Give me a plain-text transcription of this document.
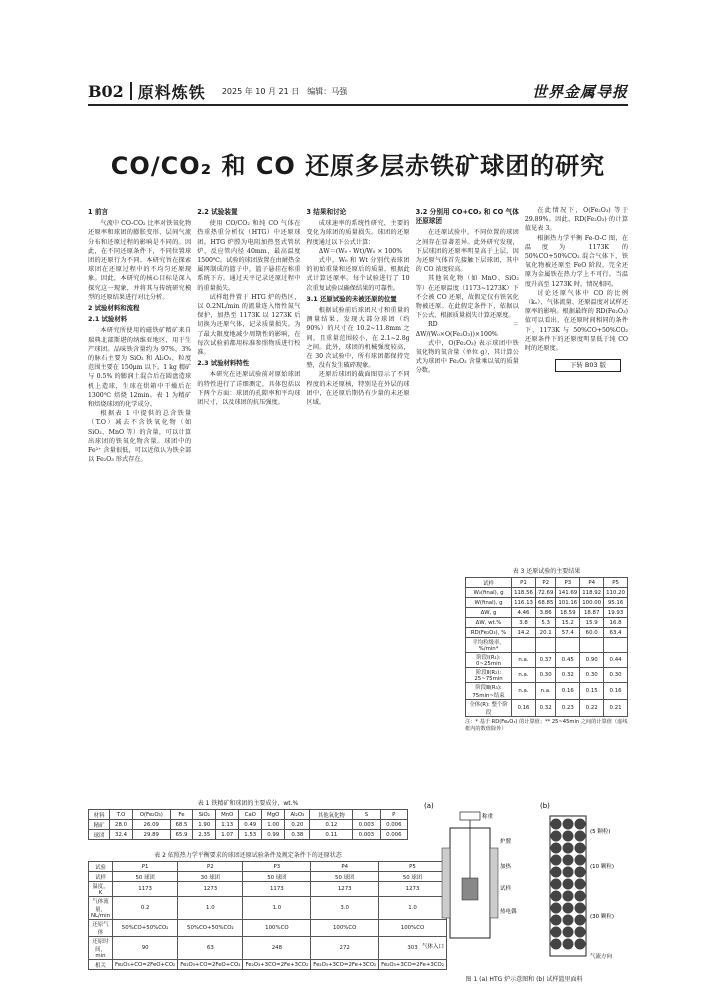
B02 原料炼铁 2025 年 10 月 21 日 编辑：马强	世界金属导报
CO/CO₂ 和 CO 还原多层赤铁矿球团的研究
1 前言

气流中 CO-CO₂ 比率对铁氧化物还原率和球团的膨胀变形、层间气流分布和还原过程的影响是不同的。因此，在不同还原条件下，不同位置球团的还原行为不同。本研究旨在探索球团在还原过程中的不均匀还原现象。因此，本研究的核心目标是深入探究这一现象，并将其与传统研究模型的还原结果进行对比分析。

2 试验材料和流程
2.1 试验材料

本研究所使用的磁铁矿精矿来自瑞典北部斯堪的纳维亚地区，用于生产球团。品味铁含量约为 97%，3% 的脉石主要为 SiO₂ 和 Al₂O₃，粒度范围主要在 150μm 以下。1 kg 精矿与 0.5% 的膨润土混合后在圆盘造球机上造球，生球在烘箱中干燥后在 1300℃ 焙烧 12min。表 1 为精矿和焙烧球团的化学成分。

根据表 1 中提供的总含铁量（T.O）减去不含铁氧化物（如 SiO₂、MnO 等）的含量，可以计算出球团的铁氧化物含量。球团中的 Fe²⁺ 含量很低，可以近似认为铁全部以 Fe₂O₃ 形式存在。

2.2 试验装置

使用 CO/CO₂ 和纯 CO 气体在热重热重分析仪（HTG）中还原球团。HTG 炉膛为电阻加热竖式管状炉，反应管内径 40mm，最高温度 1500℃。试验的球团放置在由耐热金属网制成的篮子中，篮子悬挂在称重系统下方。通过天平记录还原过程中的重量损失。

试样组件置于 HTG 炉的热区，以 0.2NL/min 的流量连入惰性氮气保护，加热至 1173K 以 1273K 后切换为还原气体，记录质量损失。为了最大限度地减少周期性的影响，在每次试验前都用标准参照物质进行校准。

2.3 试验材料特性

本研究在还原试验前对原始球团的特性进行了详细测定，具体包括以下两个方面：球团的孔隙率和平均球团尺寸，以及球团的抗压强度。

3 结果和讨论

成球速率的系统性研究，主要的变化为球团的质量损失。球团的还原程度通过以下公式计算：

ΔW＝(W₀ - Wt)/W₀ × 100%

式中，W₀ 和 Wt 分别代表球团的初始重量和还原后的质量，根据此式计算还原率。每个试验进行了 10 次重复试验以确保结果的可靠性。

3.1 还原试验的未被还原的位置

根据试验前后球团尺寸和重量的测量结果，发现大部分球团（约 90%）的尺寸在 10.2~11.8mm 之间，且重量范围较小，在 2.1~2.8g 之间。此外，球团的机械强度较高，在 30 次试验中，所有球团都保持完整，没有发生破碎现象。

还原后球团的截面图显示了不同程度的未还原核，特别是在外层的球团中，在还原后期仍有少量的未还原区域。

3.2 分别用 CO+CO₂ 和 CO 气体还原球团

在还原试验中，不同位置的球团之间存在显著差异。此外研究发现，下层球团的还原率明显高于上层，因为还原气体首先接触下层球团，其中的 CO 浓度较高。

其他氧化物（如 MnO、SiO₂ 等）在还原温度（1173~1273K）下不会被 CO 还原，故假定仅有铁氧化物被还原。在此假定条件下，依据以下公式，根据质量损失计算还原度。

RD＝ΔW/(W₀×O(Fe₂O₃))×100%

式中，O(Fe₂O₃) 表示球团中铁氧化物的氧含量（单位 g），其计算公式为球团中 Fe₂O₃ 含量乘以氧的质量分数。

在此情况下，O(Fe₂O₃) 等于 29.89%。因此，RD(Fe₂O₃) 的计算值见表 3。

根据热力学平衡 Fe-O-C 图，在温度为 1173K 的 50%CO+50%CO₂ 混合气体下，铁氧化物被还原至 FeO 阶段，完全还原为金属铁在热力学上不可行。当温度升高至 1273K 时，情况相同。

讨论还原气体中 CO 的比例（kₒ）、气体流量、还原温度对试样还原率的影响。根据最终的 RD(Fe₂O₃) 值可以看出，在还原时间相同的条件下，1173K 与 50%CO+50%CO₂ 还原条件下的还原度明显低于纯 CO 时的还原度。

下转 B03 版
表 3 还原试验的主要结果
试样	P1	P2	P3	P4	P5
W₀(final), g	118.56	72.69	141.69	118.92	110.20
W(final), g	116.13	68.85	101.16	100.00	95.16
ΔW, g	4.46	3.86	18.59	18.87	19.93
ΔW, wt.%	3.8	5.3	15.2	15.9	16.8
RD(Fe₂O₃), %	14.2	20.1	57.4	60.0	63.4
平均粒级率，%/min*					
阶段Ⅰ(R₁): 0~25min	n.a.	0.37	0.45	0.90	0.44
阶段Ⅱ(R₂): 25~75min	n.a.	0.30	0.32	0.30	0.30
阶段Ⅲ(R₃): 75min~结束	n.a.	n.a.	0.16	0.15	0.16
全体(R): 整个阶段	0.16	0.32	0.23	0.22	0.21
注：* 基于 RD(Fe₂O₃) 的计算值；** 25~45min 之间的计算值（虚线框内的数值除外）
表 1 铁精矿和球团的主要成分，wt.%
材料	T.O	O(Fe₂O₃)	Fe	SiO₂	MnO	CaO	MgO	Al₂O₃	其他氧化物	S	P
精矿	28.0	26.09	68.5	1.90	1.13	0.49	1.00	0.20	0.12	0.003	0.006
球团	32.4	29.89	65.9	2.35	1.07	1.53	0.99	0.38	0.11	0.003	0.006
表 2 依照热力学平衡要求的球团还原试验条件及规定条件下的还原状态
试验	P1	P2	P3	P4	P5
试样	50 球团	30 球团	50 球团	50 球团	50 球团
温度，K	1173	1273	1173	1273	1273
气体流量，NL/min	0.2	1.0	1.0	3.0	1.0
还原气体	50%CO+50%CO₂	50%CO+50%CO₂	100%CO	100%CO	100%CO
还原时间，min	90	63	248	272	303
相关	Fe₂O₃+CO=2FeO+CO₂	Fe₂O₃+CO=2FeO+CO₂	Fe₂O₃+3CO=2Fe+3CO₂	Fe₂O₃+3CO=2Fe+3CO₂	Fe₂O₃+3CO=2Fe+3CO₂
(a)	(b)
称重
气体入口
炉膛
加热
试样
热电偶
(5 颗粒)
(10 颗粒)
(30 颗粒)
气流方向
图 1 (a) HTG 炉示意图和 (b) 试样篮里面料
